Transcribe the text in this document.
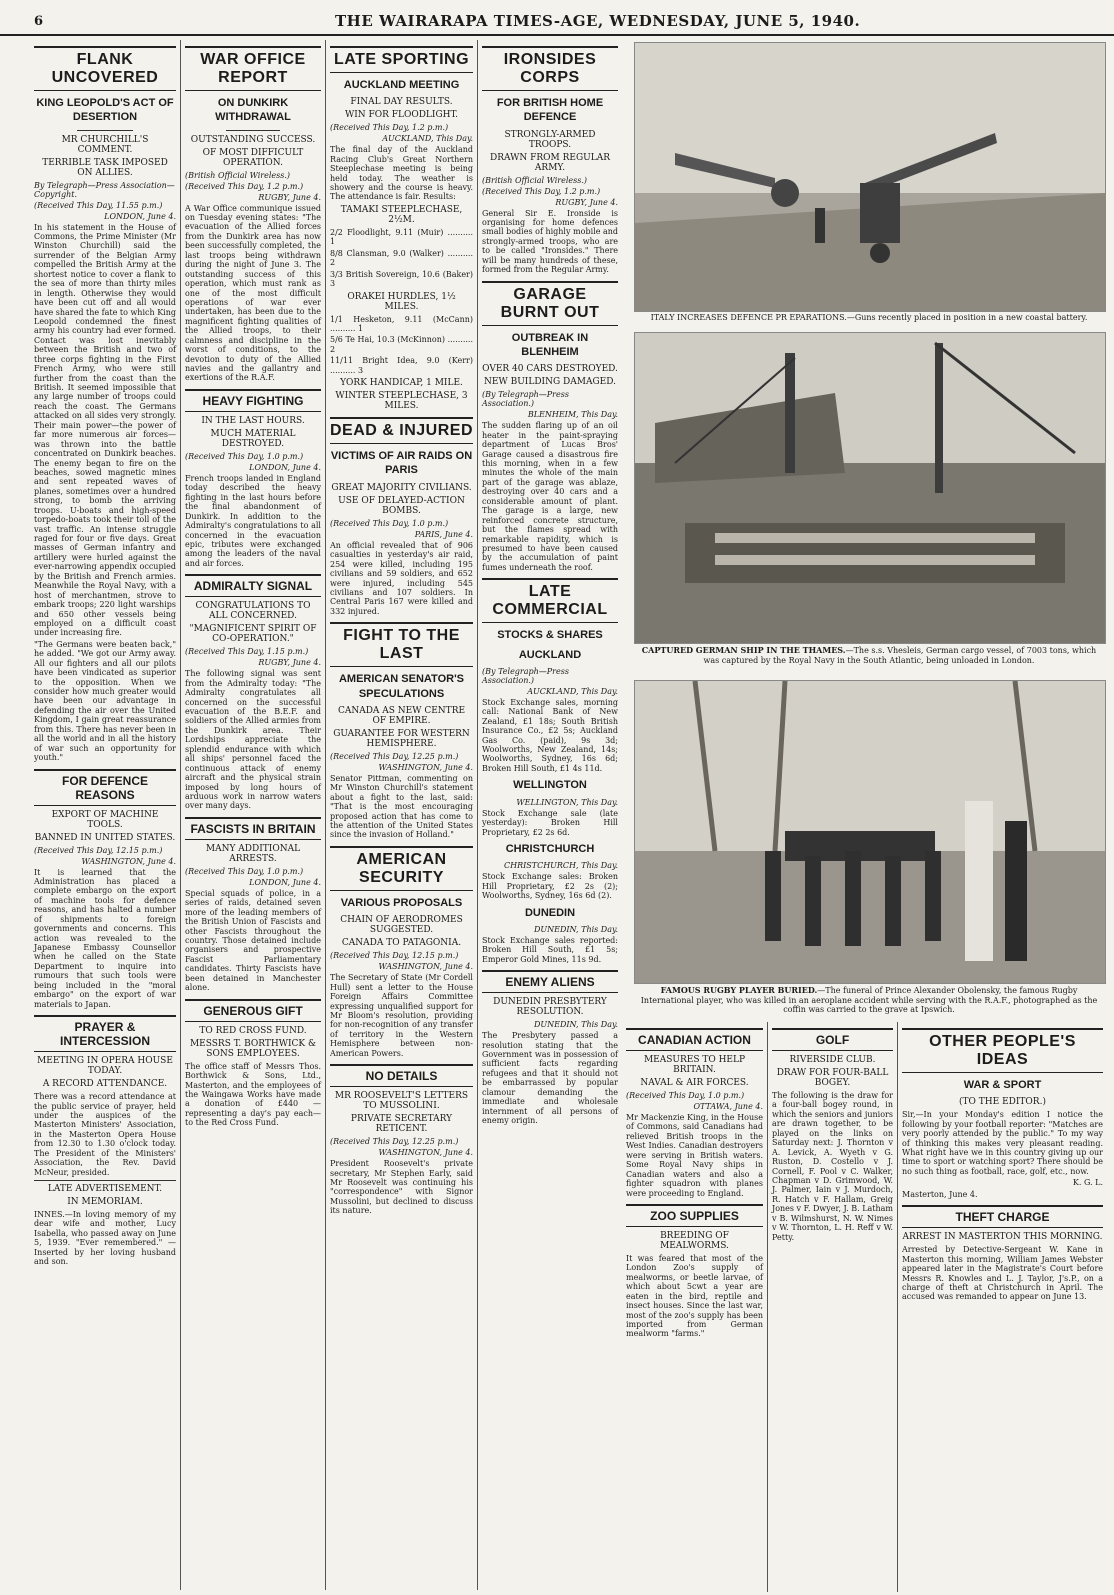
6	THE WAIRARAPA TIMES-AGE, WEDNESDAY, JUNE 5, 1940.
FLANK UNCOVERED
KING LEOPOLD'S ACT OF DESERTION
MR CHURCHILL'S COMMENT.
TERRIBLE TASK IMPOSED ON ALLIES.
By Telegraph—Press Association—Copyright.
(Received This Day, 11.55 p.m.)
LONDON, June 4.

In his statement in the House of Commons, the Prime Minister (Mr Winston Churchill) said the surrender of the Belgian Army compelled the British Army at the shortest notice to cover a flank to the sea of more than thirty miles in length. Otherwise they would have been cut off and all would have shared the fate to which King Leopold condemned the finest army his country had ever formed. Contact was lost inevitably between the British and two of three corps fighting in the First French Army, who were still further from the coast than the British. It seemed impossible that any large number of troops could reach the coast. The Germans attacked on all sides very strongly. Their main power—the power of far more numerous air forces—was thrown into the battle concentrated on Dunkirk beaches. The enemy began to fire on the beaches, sowed magnetic mines and sent repeated waves of planes, sometimes over a hundred strong, to bomb the arriving troops. U-boats and high-speed torpedo-boats took their toll of the vast traffic. An intense struggle raged for four or five days. Great masses of German infantry and artillery were hurled against the ever-narrowing appendix occupied by the British and French armies. Meanwhile the Royal Navy, with a host of merchantmen, strove to embark troops; 220 light warships and 650 other vessels being employed on a difficult coast under increasing fire.

"The Germans were beaten back," he added. "We got our Army away. All our fighters and all our pilots have been vindicated as superior to the opposition. When we consider how much greater would have been our advantage in defending the air over the United Kingdom, I gain great reassurance from this. There has never been in all the world and in all the history of war such an opportunity for youth."

FOR DEFENCE REASONS
EXPORT OF MACHINE TOOLS.
BANNED IN UNITED STATES.
(Received This Day, 12.15 p.m.)
WASHINGTON, June 4.

It is learned that the Administration has placed a complete embargo on the export of machine tools for defence reasons, and has halted a number of shipments to foreign governments and concerns. This action was revealed to the Japanese Embassy Counsellor when he called on the State Department to inquire into rumours that such tools were being included in the "moral embargo" on the export of war materials to Japan.

PRAYER & INTERCESSION
MEETING IN OPERA HOUSE TODAY.
A RECORD ATTENDANCE.

There was a record attendance at the public service of prayer, held under the auspices of the Masterton Ministers' Association, in the Masterton Opera House from 12.30 to 1.30 o'clock today. The President of the Ministers' Association, the Rev. David McNeur, presided.

LATE ADVERTISEMENT.
IN MEMORIAM.

INNES.—In loving memory of my dear wife and mother, Lucy Isabella, who passed away on June 5, 1939. "Ever remembered." —Inserted by her loving husband and son.

WAR OFFICE REPORT
ON DUNKIRK WITHDRAWAL
OUTSTANDING SUCCESS.
OF MOST DIFFICULT OPERATION.
(British Official Wireless.)
(Received This Day, 1.2 p.m.)
RUGBY, June 4.

A War Office communique issued on Tuesday evening states: "The evacuation of the Allied forces from the Dunkirk area has now been successfully completed, the last troops being withdrawn during the night of June 3. The outstanding success of this operation, which must rank as one of the most difficult operations of war ever undertaken, has been due to the magnificent fighting qualities of the Allied troops, to their calmness and discipline in the worst of conditions, to the devotion to duty of the Allied navies and the gallantry and exertions of the R.A.F.

HEAVY FIGHTING
IN THE LAST HOURS.
MUCH MATERIAL DESTROYED.
(Received This Day, 1.0 p.m.)
LONDON, June 4.

French troops landed in England today described the heavy fighting in the last hours before the final abandonment of Dunkirk. In addition to the Admiralty's congratulations to all concerned in the evacuation epic, tributes were exchanged among the leaders of the naval and air forces.

ADMIRALTY SIGNAL
CONGRATULATIONS TO ALL CONCERNED.
"MAGNIFICENT SPIRIT OF CO-OPERATION."
(Received This Day, 1.15 p.m.)
RUGBY, June 4.

The following signal was sent from the Admiralty today: "The Admiralty congratulates all concerned on the successful evacuation of the B.E.F. and soldiers of the Allied armies from the Dunkirk area. Their Lordships appreciate the splendid endurance with which all ships' personnel faced the continuous attack of enemy aircraft and the physical strain imposed by long hours of arduous work in narrow waters over many days.

FASCISTS IN BRITAIN
MANY ADDITIONAL ARRESTS.
(Received This Day, 1.0 p.m.)
LONDON, June 4.

Special squads of police, in a series of raids, detained seven more of the leading members of the British Union of Fascists and other Fascists throughout the country. Those detained include organisers and prospective Fascist Parliamentary candidates. Thirty Fascists have been detained in Manchester alone.

GENEROUS GIFT
TO RED CROSS FUND.
MESSRS T. BORTHWICK & SONS EMPLOYEES.

The office staff of Messrs Thos. Borthwick & Sons, Ltd., Masterton, and the employees of the Waingawa Works have made a donation of £440 —representing a day's pay each—to the Red Cross Fund.

LATE SPORTING
AUCKLAND MEETING
FINAL DAY RESULTS.
WIN FOR FLOODLIGHT.
(Received This Day, 1.2 p.m.)
AUCKLAND, This Day.

The final day of the Auckland Racing Club's Great Northern Steeplechase meeting is being held today. The weather is showery and the course is heavy. The attendance is fair. Results:

TAMAKI STEEPLECHASE, 2½M.
2/2 Floodlight, 9.11 (Muir) .......... 1
8/8 Clansman, 9.0 (Walker) .......... 2
3/3 British Sovereign, 10.6 (Baker) 3
ORAKEI HURDLES, 1½ MILES.
1/1 Hesketon, 9.11 (McCann) .......... 1
5/6 Te Hai, 10.3 (McKinnon) .......... 2
11/11 Bright Idea, 9.0 (Kerr) .......... 3
YORK HANDICAP, 1 MILE.
WINTER STEEPLECHASE, 3 MILES.
DEAD & INJURED
VICTIMS OF AIR RAIDS ON PARIS
GREAT MAJORITY CIVILIANS.
USE OF DELAYED-ACTION BOMBS.
(Received This Day, 1.0 p.m.)
PARIS, June 4.

An official revealed that of 906 casualties in yesterday's air raid, 254 were killed, including 195 civilians and 59 soldiers, and 652 were injured, including 545 civilians and 107 soldiers. In Central Paris 167 were killed and 332 injured.

FIGHT TO THE LAST
AMERICAN SENATOR'S SPECULATIONS
CANADA AS NEW CENTRE OF EMPIRE.
GUARANTEE FOR WESTERN HEMISPHERE.
(Received This Day, 12.25 p.m.)
WASHINGTON, June 4.

Senator Pittman, commenting on Mr Winston Churchill's statement about a fight to the last, said: "That is the most encouraging proposed action that has come to the attention of the United States since the invasion of Holland."

AMERICAN SECURITY
VARIOUS PROPOSALS
CHAIN OF AERODROMES SUGGESTED.
CANADA TO PATAGONIA.
(Received This Day, 12.15 p.m.)
WASHINGTON, June 4.

The Secretary of State (Mr Cordell Hull) sent a letter to the House Foreign Affairs Committee expressing unqualified support for Mr Bloom's resolution, providing for non-recognition of any transfer of territory in the Western Hemisphere between non-American Powers.

NO DETAILS
MR ROOSEVELT'S LETTERS TO MUSSOLINI.
PRIVATE SECRETARY RETICENT.
(Received This Day, 12.25 p.m.)
WASHINGTON, June 4.

President Roosevelt's private secretary, Mr Stephen Early, said Mr Roosevelt was continuing his "correspondence" with Signor Mussolini, but declined to discuss its nature.

IRONSIDES CORPS
FOR BRITISH HOME DEFENCE
STRONGLY-ARMED TROOPS.
DRAWN FROM REGULAR ARMY.
(British Official Wireless.)
(Received This Day, 1.2 p.m.)
RUGBY, June 4.

General Sir E. Ironside is organising for home defences small bodies of highly mobile and strongly-armed troops, who are to be called "Ironsides." There will be many hundreds of these, formed from the Regular Army.

GARAGE BURNT OUT
OUTBREAK IN BLENHEIM
OVER 40 CARS DESTROYED.
NEW BUILDING DAMAGED.
(By Telegraph—Press Association.)
BLENHEIM, This Day.

The sudden flaring up of an oil heater in the paint-spraying department of Lucas Bros' Garage caused a disastrous fire this morning, when in a few minutes the whole of the main part of the garage was ablaze, destroying over 40 cars and a considerable amount of plant. The garage is a large, new reinforced concrete structure, but the flames spread with remarkable rapidity, which is presumed to have been caused by the accumulation of paint fumes underneath the roof.

LATE COMMERCIAL
STOCKS & SHARES
AUCKLAND
(By Telegraph—Press Association.)
AUCKLAND, This Day.

Stock Exchange sales, morning call: National Bank of New Zealand, £1 18s; South British Insurance Co., £2 5s; Auckland Gas Co. (paid), 9s 3d; Woolworths, New Zealand, 14s; Woolworths, Sydney, 16s 6d; Broken Hill South, £1 4s 11d.

WELLINGTON
WELLINGTON, This Day.

Stock Exchange sale (late yesterday): Broken Hill Proprietary, £2 2s 6d.

CHRISTCHURCH
CHRISTCHURCH, This Day.

Stock Exchange sales: Broken Hill Proprietary, £2 2s (2); Woolworths, Sydney, 16s 6d (2).

DUNEDIN
DUNEDIN, This Day.

Stock Exchange sales reported: Broken Hill South, £1 5s; Emperor Gold Mines, 11s 9d.

ENEMY ALIENS
DUNEDIN PRESBYTERY RESOLUTION.
DUNEDIN, This Day.

The Presbytery passed a resolution stating that the Government was in possession of sufficient facts regarding refugees and that it should not be embarrassed by popular clamour demanding the immediate and wholesale internment of all persons of enemy origin.

ITALY INCREASES DEFENCE PR EPARATIONS.—Guns recently placed in position in a new coastal battery.
CAPTURED GERMAN SHIP IN THE THAMES.—The s.s. Vhesleis, German cargo vessel, of 7003 tons, which was captured by the Royal Navy in the South Atlantic, being unloaded in London.
FAMOUS RUGBY PLAYER BURIED.—The funeral of Prince Alexander Obolensky, the famous Rugby International player, who was killed in an aeroplane accident while serving with the R.A.F., photographed as the coffin was carried to the grave at Ipswich.
CANADIAN ACTION
MEASURES TO HELP BRITAIN.
NAVAL & AIR FORCES.
(Received This Day, 1.0 p.m.)
OTTAWA, June 4.

Mr Mackenzie King, in the House of Commons, said Canadians had relieved British troops in the West Indies. Canadian destroyers were serving in British waters. Some Royal Navy ships in Canadian waters and also a fighter squadron with planes were proceeding to England.

ZOO SUPPLIES
BREEDING OF MEALWORMS.

It was feared that most of the London Zoo's supply of mealworms, or beetle larvae, of which about 5cwt a year are eaten in the bird, reptile and insect houses. Since the last war, most of the zoo's supply has been imported from German mealworm "farms."

GOLF
RIVERSIDE CLUB.
DRAW FOR FOUR-BALL BOGEY.

The following is the draw for a four-ball bogey round, in which the seniors and juniors are drawn together, to be played on the links on Saturday next: J. Thornton v A. Levick, A. Wyeth v G. Ruston, D. Costello v J. Cornell, F. Pool v C. Walker, Chapman v D. Grimwood, W. J. Palmer, Iain v J. Murdoch, R. Hatch v F. Hallam, Greig Jones v F. Dwyer, J. B. Latham v B. Wilmshurst, N. W. Nimes v W. Thornton, L. H. Reff v W. Petty.

OTHER PEOPLE'S IDEAS
WAR & SPORT
(TO THE EDITOR.)

Sir,—In your Monday's edition I notice the following by your football reporter: "Matches are very poorly attended by the public." To my way of thinking this makes very pleasant reading. What right have we in this country giving up our time to sport or watching sport? There should be no such thing as football, race, golf, etc., now.

K. G. L.
Masterton, June 4.
THEFT CHARGE
ARREST IN MASTERTON THIS MORNING.

Arrested by Detective-Sergeant W. Kane in Masterton this morning, William James Webster appeared later in the Magistrate's Court before Messrs R. Knowles and L. J. Taylor, J's.P., on a charge of theft at Christchurch in April. The accused was remanded to appear on June 13.
